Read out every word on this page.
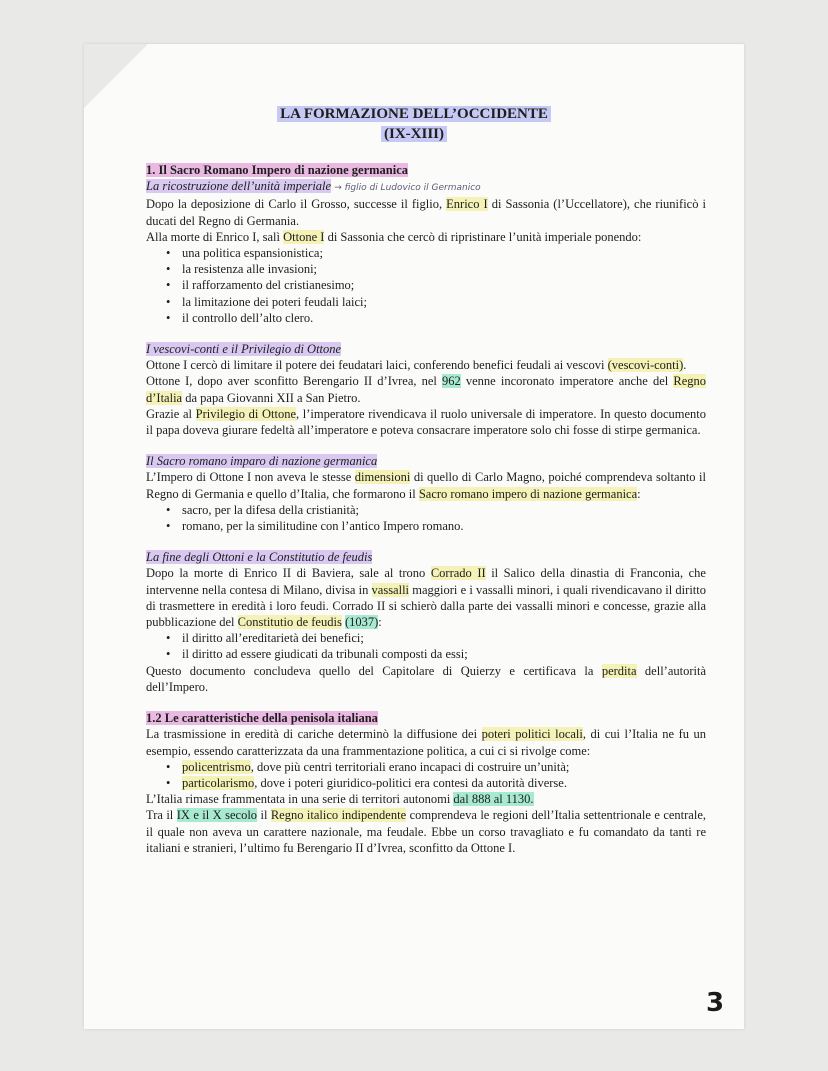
LA FORMAZIONE DELL’OCCIDENTE
(IX-XIII)
1. Il Sacro Romano Impero di nazione germanica
La ricostruzione dell’unità imperiale → figlio di Ludovico il Germanico

Dopo la deposizione di Carlo il Grosso, successe il figlio, Enrico I di Sassonia (l’Uccellatore), che riunificò i ducati del Regno di Germania.

Alla morte di Enrico I, salì Ottone I di Sassonia che cercò di ripristinare l’unità imperiale ponendo:

• una politica espansionistica;
• la resistenza alle invasioni;
• il rafforzamento del cristianesimo;
• la limitazione dei poteri feudali laici;
• il controllo dell’alto clero.
I vescovi-conti e il Privilegio di Ottone

Ottone I cercò di limitare il potere dei feudatari laici, conferendo benefici feudali ai vescovi (vescovi-conti).

Ottone I, dopo aver sconfitto Berengario II d’Ivrea, nel 962 venne incoronato imperatore anche del Regno d’Italia da papa Giovanni XII a San Pietro.

Grazie al Privilegio di Ottone, l’imperatore rivendicava il ruolo universale di imperatore. In questo documento il papa doveva giurare fedeltà all’imperatore e poteva consacrare imperatore solo chi fosse di stirpe germanica.

Il Sacro romano imparo di nazione germanica

L’Impero di Ottone I non aveva le stesse dimensioni di quello di Carlo Magno, poiché comprendeva soltanto il Regno di Germania e quello d’Italia, che formarono il Sacro romano impero di nazione germanica:

• sacro, per la difesa della cristianità;
• romano, per la similitudine con l’antico Impero romano.
La fine degli Ottoni e la Constitutio de feudis

Dopo la morte di Enrico II di Baviera, sale al trono Corrado II il Salico della dinastia di Franconia, che intervenne nella contesa di Milano, divisa in vassalli maggiori e i vassalli minori, i quali rivendicavano il diritto di trasmettere in eredità i loro feudi. Corrado II si schierò dalla parte dei vassalli minori e concesse, grazie alla pubblicazione del Constitutio de feudis (1037):

• il diritto all’ereditarietà dei benefici;
• il diritto ad essere giudicati da tribunali composti da essi;

Questo documento concludeva quello del Capitolare di Quierzy e certificava la perdita dell’autorità dell’Impero.

1.2 Le caratteristiche della penisola italiana

La trasmissione in eredità di cariche determinò la diffusione dei poteri politici locali, di cui l’Italia ne fu un esempio, essendo caratterizzata da una frammentazione politica, a cui ci si rivolge come:

• policentrismo, dove più centri territoriali erano incapaci di costruire un’unità;
• particolarismo, dove i poteri giuridico-politici era contesi da autorità diverse.

L’Italia rimase frammentata in una serie di territori autonomi dal 888 al 1130.

Tra il IX e il X secolo il Regno italico indipendente comprendeva le regioni dell’Italia settentrionale e centrale, il quale non aveva un carattere nazionale, ma feudale. Ebbe un corso travagliato e fu comandato da tanti re italiani e stranieri, l’ultimo fu Berengario II d’Ivrea, sconfitto da Ottone I.

3
